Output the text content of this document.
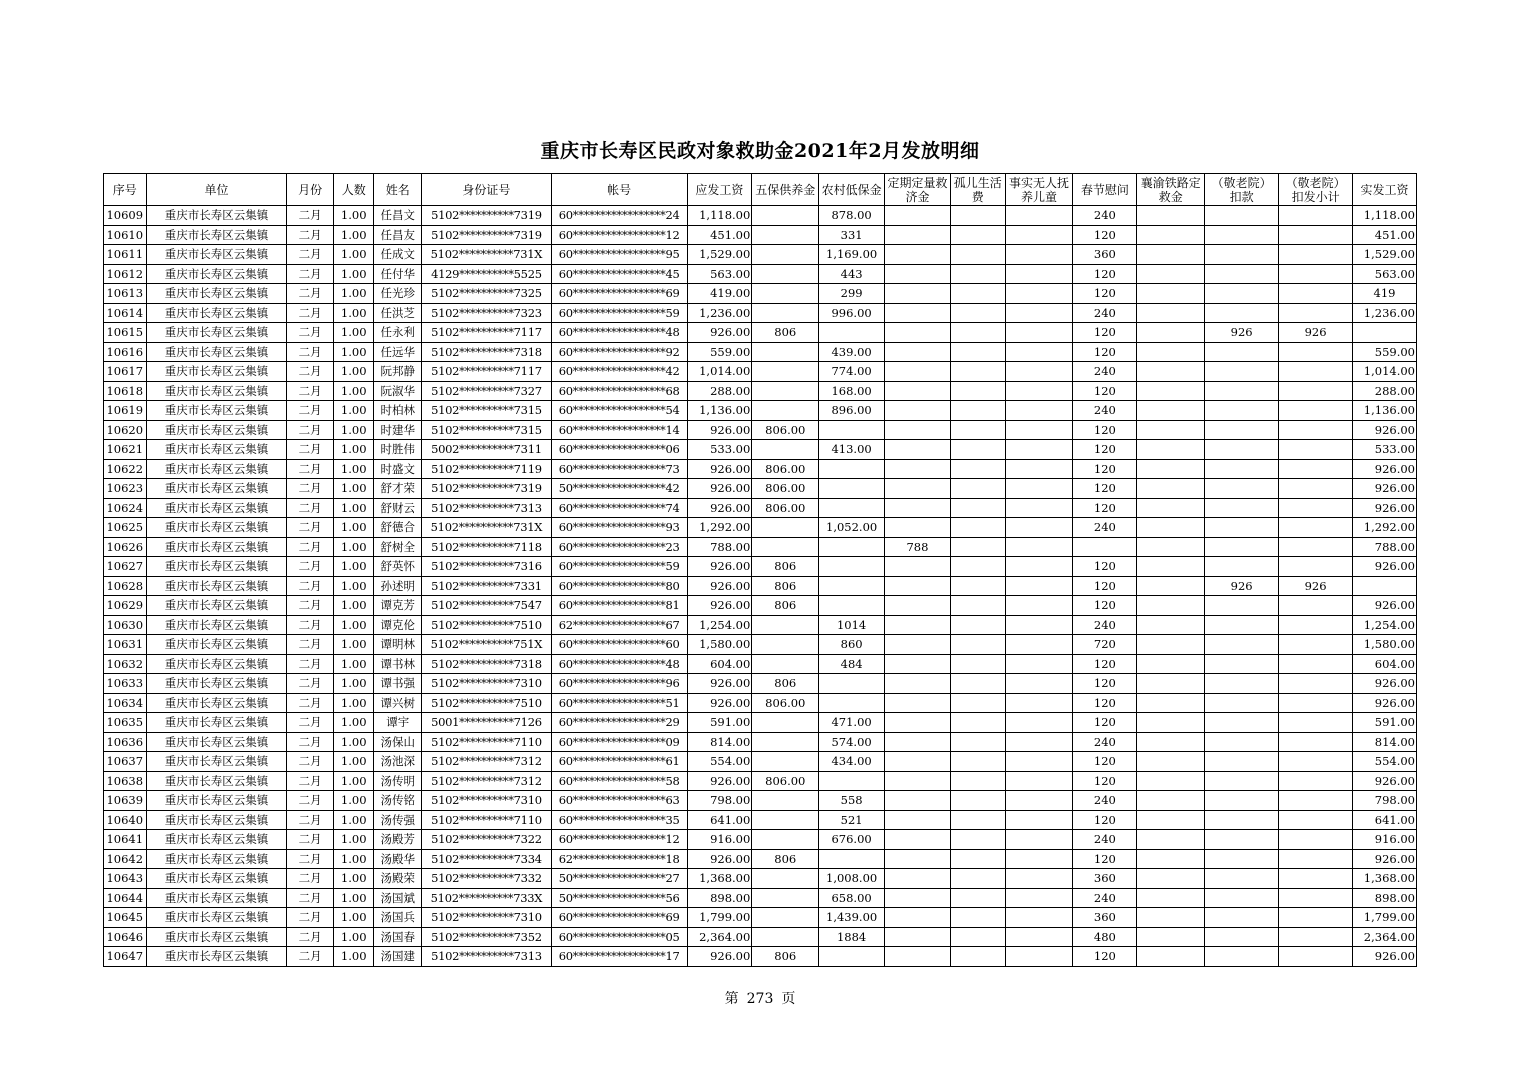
重庆市长寿区民政对象救助金2021年2月发放明细
序号	单位	月份	人数	姓名	身份证号	帐号	应发工资	五保供养金	农村低保金	定期定量救济金	孤儿生活费	事实无人抚养儿童	春节慰问	襄渝铁路定救金	（敬老院）扣款	（敬老院）扣发小计	实发工资
10609	重庆市长寿区云集镇	二月	1.00	任昌文	5102**********7319	60*****************24	1,118.00		878.00				240				1,118.00
10610	重庆市长寿区云集镇	二月	1.00	任昌友	5102**********7319	60*****************12	451.00		331				120				451.00
10611	重庆市长寿区云集镇	二月	1.00	任成文	5102**********731X	60*****************95	1,529.00		1,169.00				360				1,529.00
10612	重庆市长寿区云集镇	二月	1.00	任付华	4129**********5525	60*****************45	563.00		443				120				563.00
10613	重庆市长寿区云集镇	二月	1.00	任光珍	5102**********7325	60*****************69	419.00		299				120				419
10614	重庆市长寿区云集镇	二月	1.00	任洪芝	5102**********7323	60*****************59	1,236.00		996.00				240				1,236.00
10615	重庆市长寿区云集镇	二月	1.00	任永利	5102**********7117	60*****************48	926.00	806					120		926	926	
10616	重庆市长寿区云集镇	二月	1.00	任远华	5102**********7318	60*****************92	559.00		439.00				120				559.00
10617	重庆市长寿区云集镇	二月	1.00	阮邦静	5102**********7117	60*****************42	1,014.00		774.00				240				1,014.00
10618	重庆市长寿区云集镇	二月	1.00	阮淑华	5102**********7327	60*****************68	288.00		168.00				120				288.00
10619	重庆市长寿区云集镇	二月	1.00	时柏林	5102**********7315	60*****************54	1,136.00		896.00				240				1,136.00
10620	重庆市长寿区云集镇	二月	1.00	时建华	5102**********7315	60*****************14	926.00	806.00					120				926.00
10621	重庆市长寿区云集镇	二月	1.00	时胜伟	5002**********7311	60*****************06	533.00		413.00				120				533.00
10622	重庆市长寿区云集镇	二月	1.00	时盛文	5102**********7119	60*****************73	926.00	806.00					120				926.00
10623	重庆市长寿区云集镇	二月	1.00	舒才荣	5102**********7319	50*****************42	926.00	806.00					120				926.00
10624	重庆市长寿区云集镇	二月	1.00	舒财云	5102**********7313	60*****************74	926.00	806.00					120				926.00
10625	重庆市长寿区云集镇	二月	1.00	舒德合	5102**********731X	60*****************93	1,292.00		1,052.00				240				1,292.00
10626	重庆市长寿区云集镇	二月	1.00	舒树全	5102**********7118	60*****************23	788.00			788							788.00
10627	重庆市长寿区云集镇	二月	1.00	舒英怀	5102**********7316	60*****************59	926.00	806					120				926.00
10628	重庆市长寿区云集镇	二月	1.00	孙述明	5102**********7331	60*****************80	926.00	806					120		926	926	
10629	重庆市长寿区云集镇	二月	1.00	谭克芳	5102**********7547	60*****************81	926.00	806					120				926.00
10630	重庆市长寿区云集镇	二月	1.00	谭克伦	5102**********7510	62*****************67	1,254.00		1014				240				1,254.00
10631	重庆市长寿区云集镇	二月	1.00	谭明林	5102**********751X	60*****************60	1,580.00		860				720				1,580.00
10632	重庆市长寿区云集镇	二月	1.00	谭书林	5102**********7318	60*****************48	604.00		484				120				604.00
10633	重庆市长寿区云集镇	二月	1.00	谭书强	5102**********7310	60*****************96	926.00	806					120				926.00
10634	重庆市长寿区云集镇	二月	1.00	谭兴树	5102**********7510	60*****************51	926.00	806.00					120				926.00
10635	重庆市长寿区云集镇	二月	1.00	谭宇	5001**********7126	60*****************29	591.00		471.00				120				591.00
10636	重庆市长寿区云集镇	二月	1.00	汤保山	5102**********7110	60*****************09	814.00		574.00				240				814.00
10637	重庆市长寿区云集镇	二月	1.00	汤池深	5102**********7312	60*****************61	554.00		434.00				120				554.00
10638	重庆市长寿区云集镇	二月	1.00	汤传明	5102**********7312	60*****************58	926.00	806.00					120				926.00
10639	重庆市长寿区云集镇	二月	1.00	汤传铭	5102**********7310	60*****************63	798.00		558				240				798.00
10640	重庆市长寿区云集镇	二月	1.00	汤传强	5102**********7110	60*****************35	641.00		521				120				641.00
10641	重庆市长寿区云集镇	二月	1.00	汤殿芳	5102**********7322	60*****************12	916.00		676.00				240				916.00
10642	重庆市长寿区云集镇	二月	1.00	汤殿华	5102**********7334	62*****************18	926.00	806					120				926.00
10643	重庆市长寿区云集镇	二月	1.00	汤殿荣	5102**********7332	50*****************27	1,368.00		1,008.00				360				1,368.00
10644	重庆市长寿区云集镇	二月	1.00	汤国斌	5102**********733X	50*****************56	898.00		658.00				240				898.00
10645	重庆市长寿区云集镇	二月	1.00	汤国兵	5102**********7310	60*****************69	1,799.00		1,439.00				360				1,799.00
10646	重庆市长寿区云集镇	二月	1.00	汤国春	5102**********7352	60*****************05	2,364.00		1884				480				2,364.00
10647	重庆市长寿区云集镇	二月	1.00	汤国建	5102**********7313	60*****************17	926.00	806					120				926.00
第 273 页
